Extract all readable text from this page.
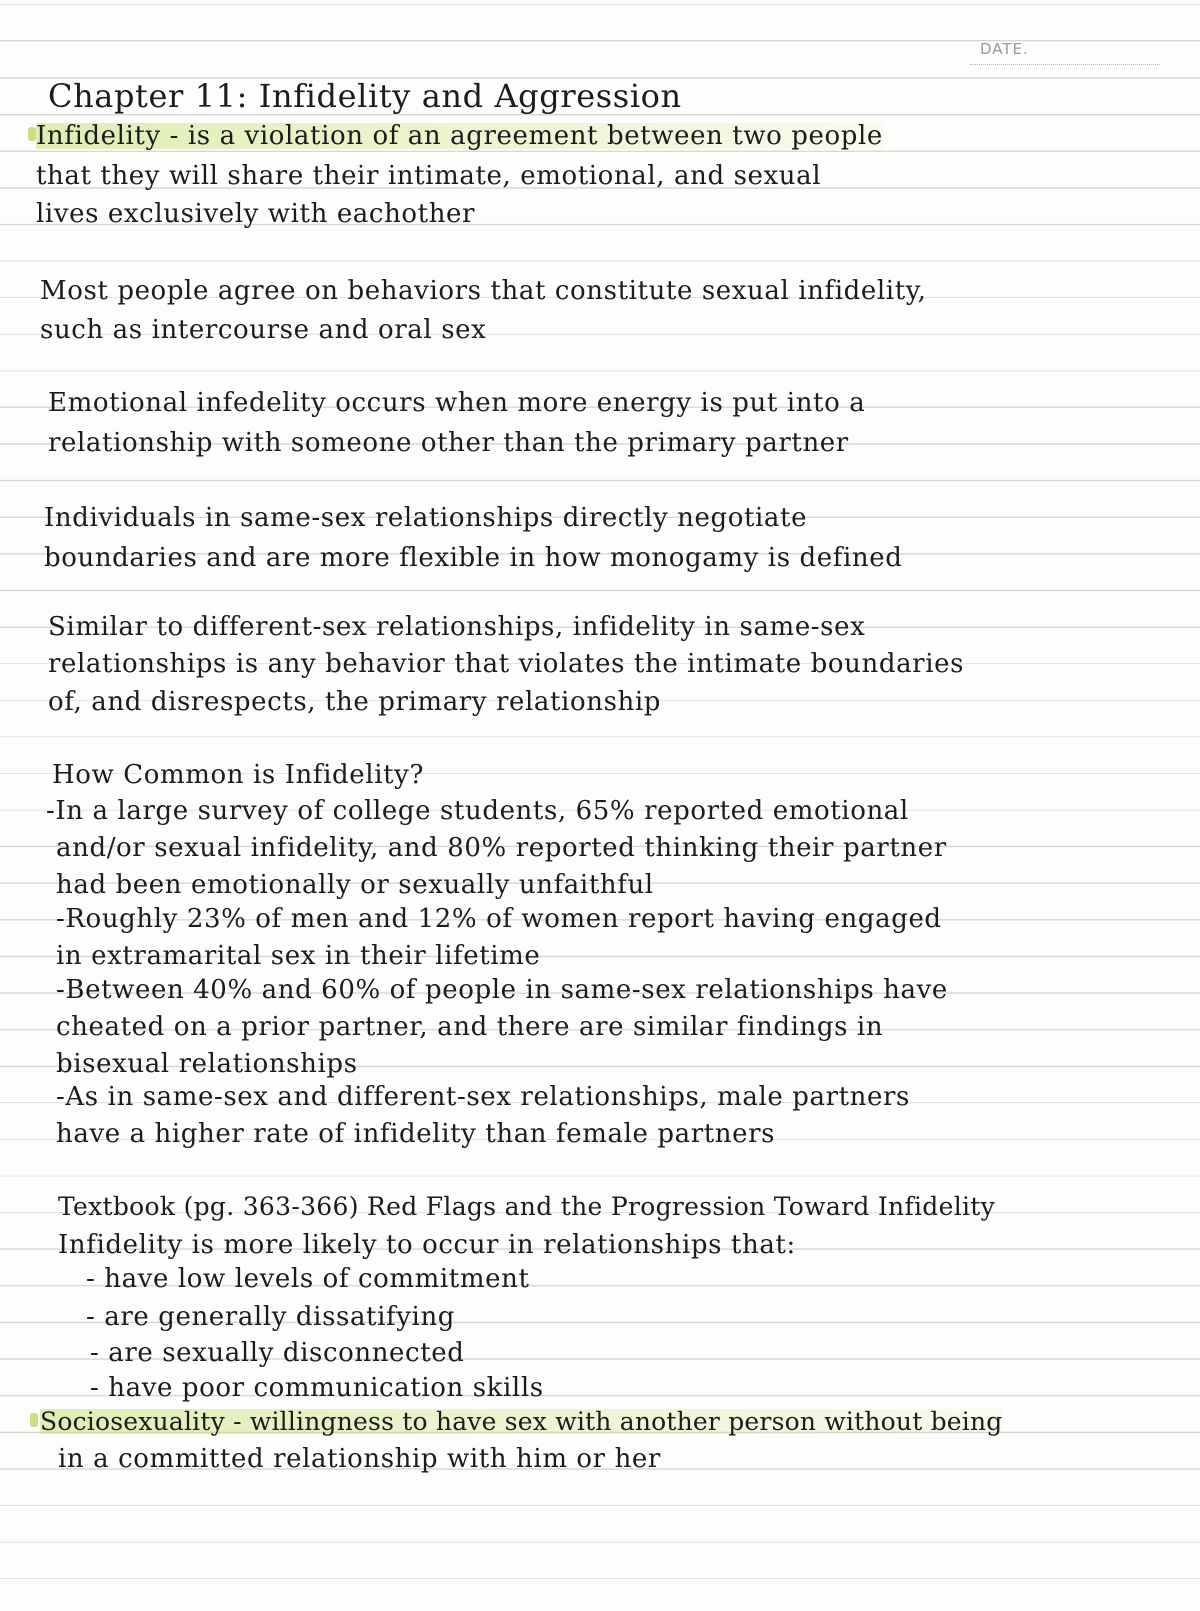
DATE.
Chapter 11: Infidelity and Aggression
Infidelity - is a violation of an agreement between two people
that they will share their intimate, emotional, and sexual
lives exclusively with eachother
Most people agree on behaviors that constitute sexual infidelity,
such as intercourse and oral sex
Emotional infedelity occurs when more energy is put into a
relationship with someone other than the primary partner
Individuals in same-sex relationships directly negotiate
boundaries and are more flexible in how monogamy is defined
Similar to different-sex relationships, infidelity in same-sex
relationships is any behavior that violates the intimate boundaries
of, and disrespects, the primary relationship
How Common is Infidelity?
-In a large survey of college students, 65% reported emotional
and/or sexual infidelity, and 80% reported thinking their partner
had been emotionally or sexually unfaithful
-Roughly 23% of men and 12% of women report having engaged
in extramarital sex in their lifetime
-Between 40% and 60% of people in same-sex relationships have
cheated on a prior partner, and there are similar findings in
bisexual relationships
-As in same-sex and different-sex relationships, male partners
have a higher rate of infidelity than female partners
Textbook (pg. 363-366) Red Flags and the Progression Toward Infidelity
Infidelity is more likely to occur in relationships that:
- have low levels of commitment
- are generally dissatifying
- are sexually disconnected
- have poor communication skills
Sociosexuality - willingness to have sex with another person without being
in a committed relationship with him or her
